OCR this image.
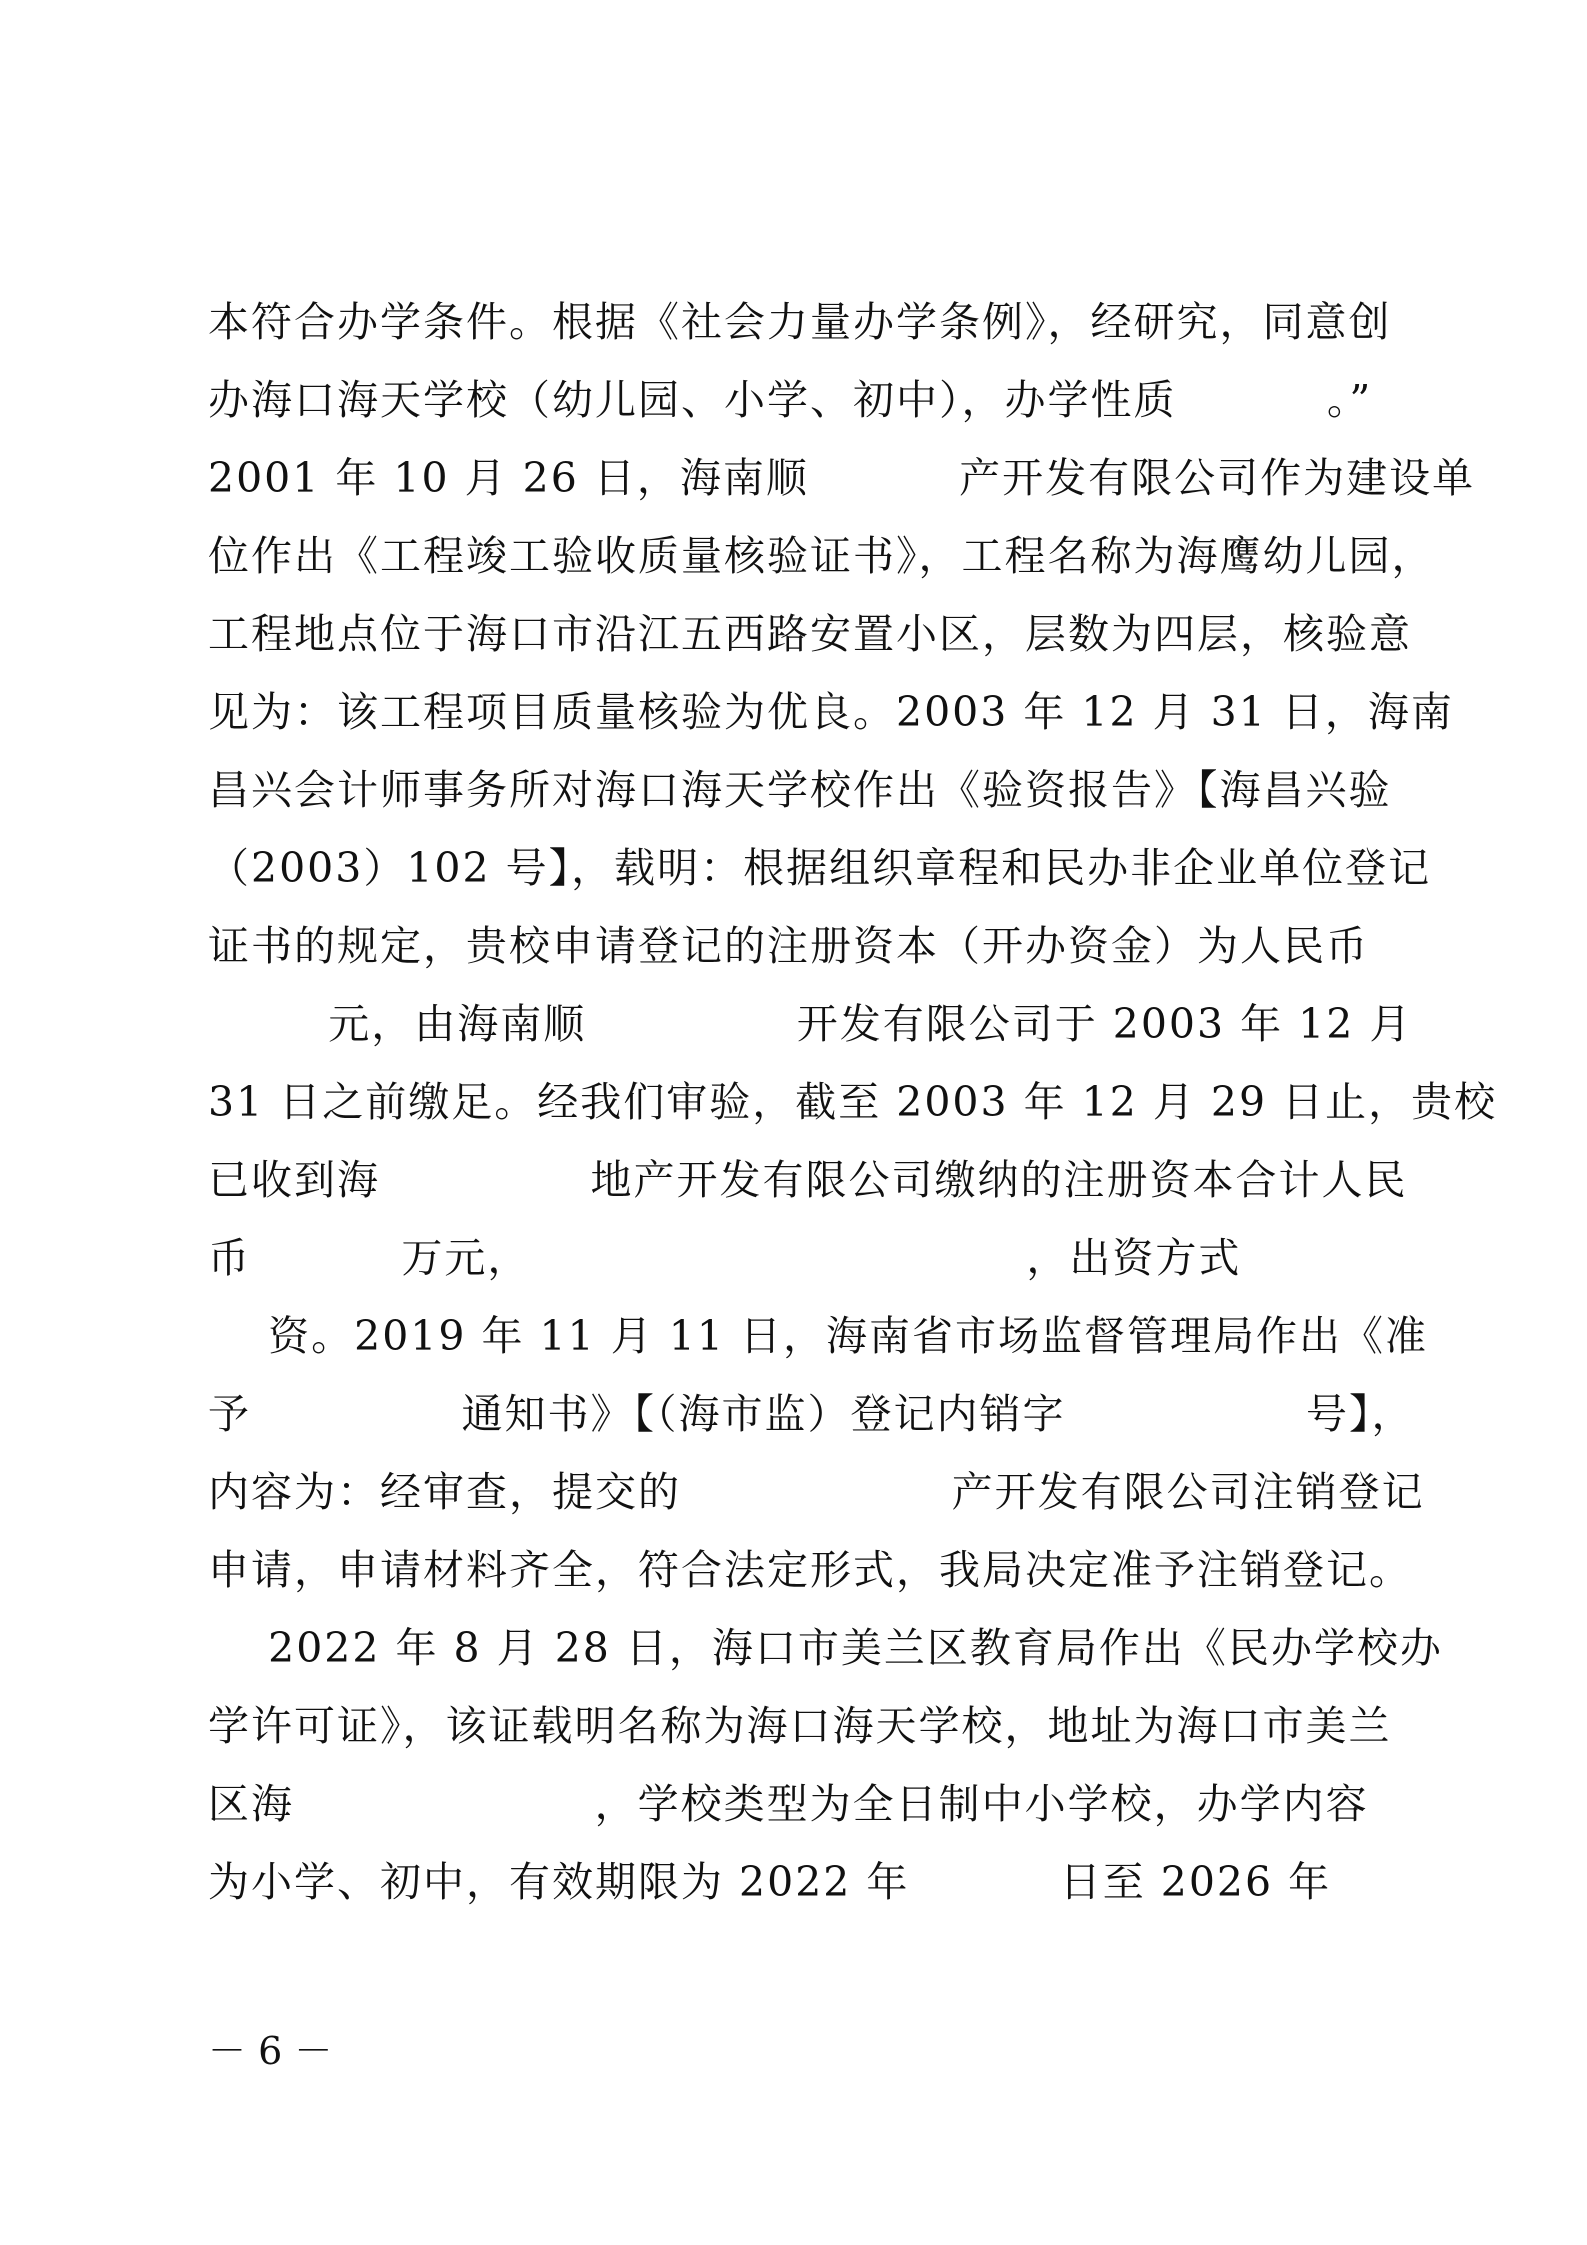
本符合办学条件。根据《社会力量办学条例》，经研究，同意创
办海口海天学校（幼儿园、小学、初中），办学性质          。”
2001 年 10 月 26 日，海南顺          产开发有限公司作为建设单
位作出《工程竣工验收质量核验证书》，工程名称为海鹰幼儿园，
工程地点位于海口市沿江五西路安置小区，层数为四层，核验意
见为：该工程项目质量核验为优良。2003 年 12 月 31 日，海南
昌兴会计师事务所对海口海天学校作出《验资报告》【海昌兴验
（2003）102 号】，载明：根据组织章程和民办非企业单位登记
证书的规定，贵校申请登记的注册资本（开办资金）为人民币
元，由海南顺              开发有限公司于 2003 年 12 月
31 日之前缴足。经我们审验，截至 2003 年 12 月 29 日止，贵校
已收到海              地产开发有限公司缴纳的注册资本合计人民
币          万元，                                 ，出资方式
资。2019 年 11 月 11 日，海南省市场监督管理局作出《准
予              通知书》【（海市监）登记内销字                号】，
内容为：经审查，提交的                  产开发有限公司注销登记
申请，申请材料齐全，符合法定形式，我局决定准予注销登记。
2022 年 8 月 28 日，海口市美兰区教育局作出《民办学校办
学许可证》，该证载明名称为海口海天学校，地址为海口市美兰
区海                    ，学校类型为全日制中小学校，办学内容
为小学、初中，有效期限为 2022 年          日至 2026 年
－ 6 －
